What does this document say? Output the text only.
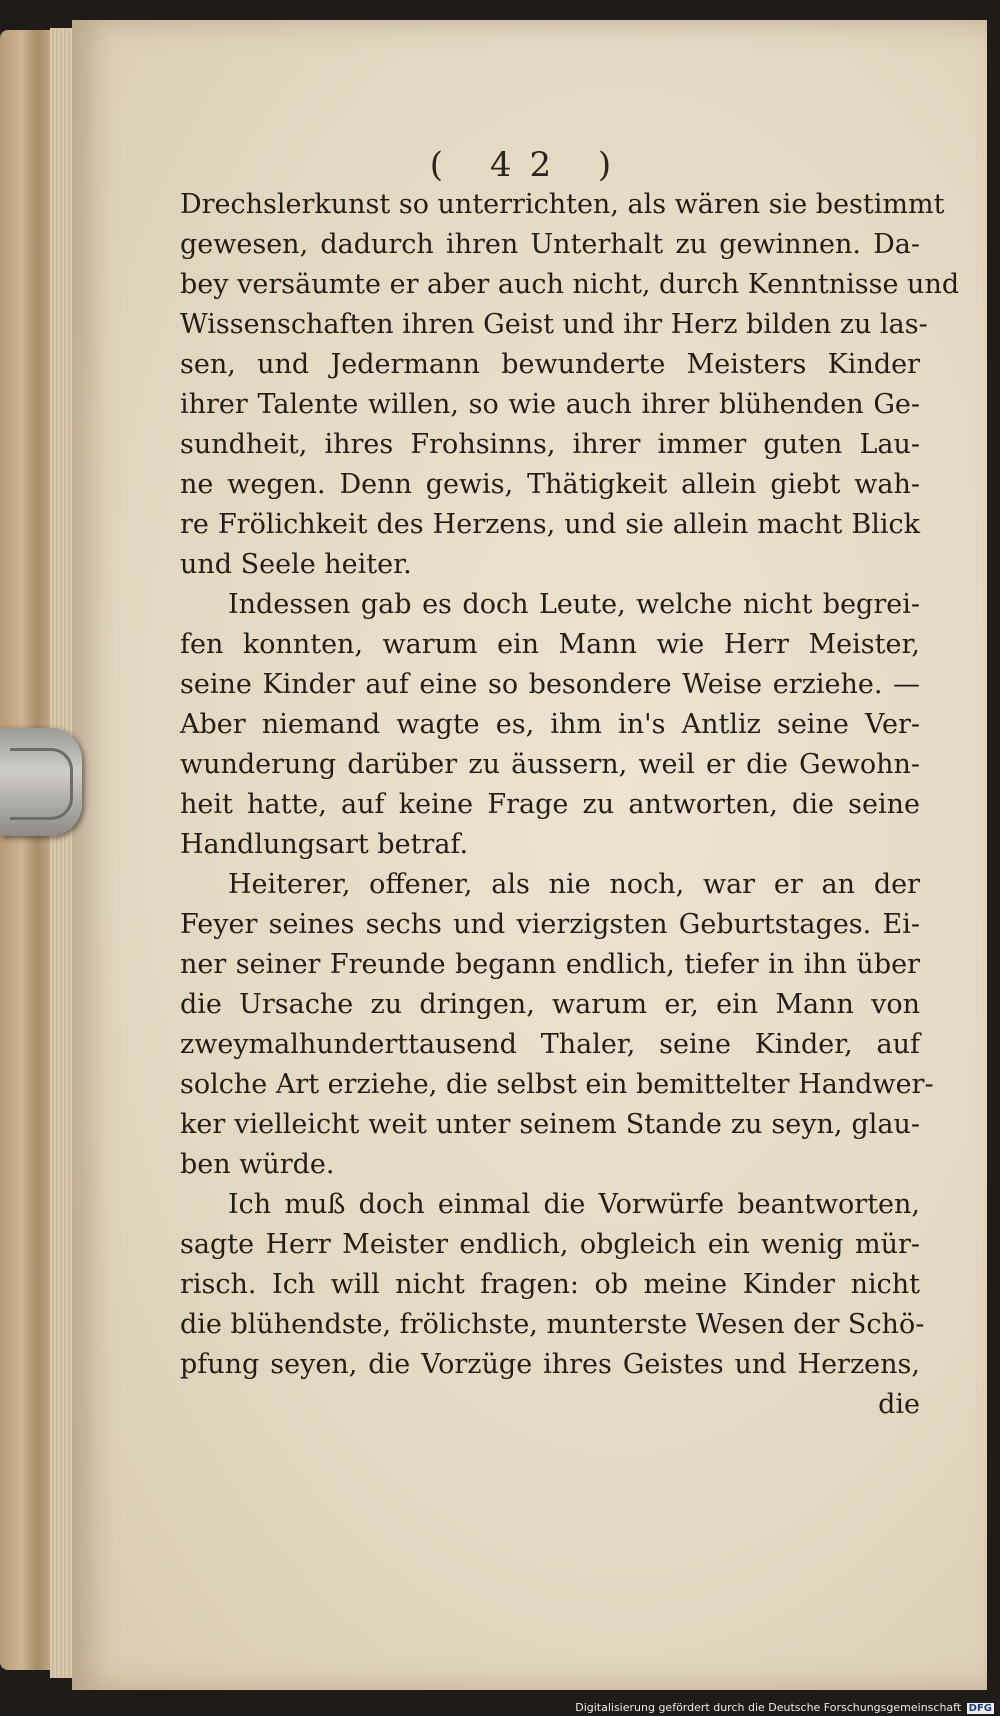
( 42 )
Drechslerkunst so unterrichten, als wären sie bestimmt
gewesen, dadurch ihren Unterhalt zu gewinnen. Da-
bey versäumte er aber auch nicht, durch Kenntnisse und
Wissenschaften ihren Geist und ihr Herz bilden zu las-
sen, und Jedermann bewunderte Meisters Kinder
ihrer Talente willen, so wie auch ihrer blühenden Ge-
sundheit, ihres Frohsinns, ihrer immer guten Lau-
ne wegen. Denn gewis, Thätigkeit allein giebt wah-
re Frölichkeit des Herzens, und sie allein macht Blick
und Seele heiter.
Indessen gab es doch Leute, welche nicht begrei-
fen konnten, warum ein Mann wie Herr Meister,
seine Kinder auf eine so besondere Weise erziehe. —
Aber niemand wagte es, ihm in's Antliz seine Ver-
wunderung darüber zu äussern, weil er die Gewohn-
heit hatte, auf keine Frage zu antworten, die seine
Handlungsart betraf.
Heiterer, offener, als nie noch, war er an der
Feyer seines sechs und vierzigsten Geburtstages. Ei-
ner seiner Freunde begann endlich, tiefer in ihn über
die Ursache zu dringen, warum er, ein Mann von
zweymalhunderttausend Thaler, seine Kinder, auf
solche Art erziehe, die selbst ein bemittelter Handwer-
ker vielleicht weit unter seinem Stande zu seyn, glau-
ben würde.
Ich muß doch einmal die Vorwürfe beantworten,
sagte Herr Meister endlich, obgleich ein wenig mür-
risch. Ich will nicht fragen: ob meine Kinder nicht
die blühendste, frölichste, munterste Wesen der Schö-
pfung seyen, die Vorzüge ihres Geistes und Herzens,
die
Digitalisierung gefördert durch die Deutsche Forschungsgemeinschaft DFG
